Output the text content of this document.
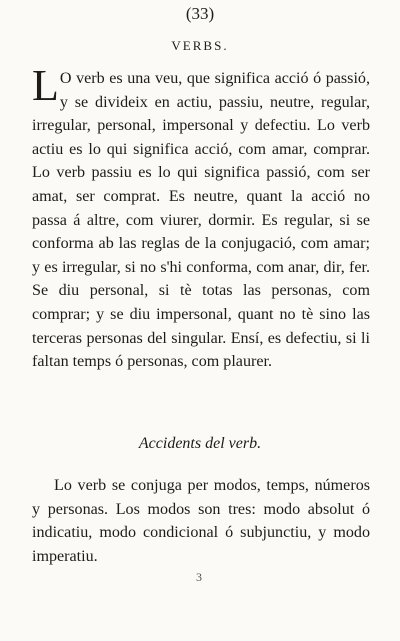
(33)
VERBS.
L O verb es una veu, que significa acció ó passió, y se divideix en actiu, passiu, neutre, regular, irregular, personal, impersonal y defectiu. Lo verb actiu es lo qui significa acció, com amar, comprar. Lo verb passiu es lo qui significa passió, com ser amat, ser comprat. Es neutre, quant la acció no passa á altre, com viurer, dormir. Es regular, si se conforma ab las reglas de la conjugació, com amar; y es irregular, si no s'hi conforma, com anar, dir, fer. Se diu personal, si tè totas las personas, com comprar; y se diu impersonal, quant no tè sino las terceras personas del singular. Ensí, es defectiu, si li faltan temps ó personas, com plaurer.
Accidents del verb.
Lo verb se conjuga per modos, temps, números y personas. Los modos son tres: modo absolut ó indicatiu, modo condicional ó subjunctiu, y modo imperatiu.
3
